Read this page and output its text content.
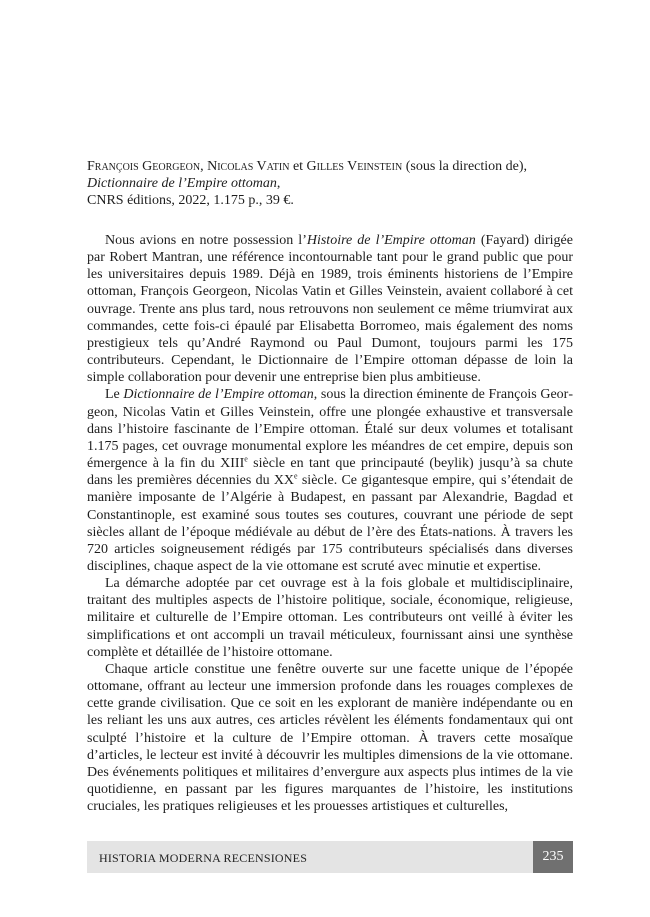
François Georgeon, Nicolas Vatin et Gilles Veinstein (sous la direction de),
Dictionnaire de l’Empire ottoman,
CNRS éditions, 2022, 1.175 p., 39 €.

Nous avions en notre possession l’Histoire de l’Empire ottoman (Fayard) dirigée par Robert Mantran, une référence incontournable tant pour le grand public que pour les universitaires depuis 1989. Déjà en 1989, trois éminents historiens de l’Empire ottoman, François Georgeon, Nicolas Vatin et Gilles Veinstein, avaient collaboré à cet ouvrage. Trente ans plus tard, nous retrouvons non seulement ce même triumvirat aux commandes, cette fois-ci épaulé par Elisabetta Borromeo, mais également des noms prestigieux tels qu’André Raymond ou Paul Dumont, toujours parmi les 175 contributeurs. Cependant, le Dictionnaire de l’Empire ottoman dépasse de loin la simple collaboration pour devenir une entreprise bien plus ambitieuse.

Le Dictionnaire de l’Empire ottoman, sous la direction éminente de François Georgeon, Nicolas Vatin et Gilles Veinstein, offre une plongée exhaustive et transversale dans l’histoire fascinante de l’Empire ottoman. Étalé sur deux volumes et totalisant 1.175 pages, cet ouvrage monumental explore les méandres de cet empire, depuis son émergence à la fin du XIIIe siècle en tant que principauté (beylik) jusqu’à sa chute dans les premières décennies du XXe siècle. Ce gigantesque empire, qui s’étendait de manière imposante de l’Algérie à Budapest, en passant par Alexandrie, Bagdad et Constantinople, est examiné sous toutes ses coutures, couvrant une période de sept siècles allant de l’époque médiévale au début de l’ère des États-nations. À travers les 720 articles soigneusement rédigés par 175 contributeurs spécialisés dans diverses disciplines, chaque aspect de la vie ottomane est scruté avec minutie et expertise.

La démarche adoptée par cet ouvrage est à la fois globale et multidisciplinaire, traitant des multiples aspects de l’histoire politique, sociale, économique, religieuse, militaire et culturelle de l’Empire ottoman. Les contributeurs ont veillé à éviter les simplifications et ont accompli un travail méticuleux, fournissant ainsi une synthèse complète et détaillée de l’histoire ottomane.

Chaque article constitue une fenêtre ouverte sur une facette unique de l’épopée ottomane, offrant au lecteur une immersion profonde dans les rouages complexes de cette grande civilisation. Que ce soit en les explorant de manière indépendante ou en les reliant les uns aux autres, ces articles révèlent les éléments fondamentaux qui ont sculpté l’histoire et la culture de l’Empire ottoman. À travers cette mosaïque d’articles, le lecteur est invité à découvrir les multiples dimensions de la vie ottomane. Des événements politiques et militaires d’envergure aux aspects plus intimes de la vie quotidienne, en passant par les figures marquantes de l’histoire, les institutions cruciales, les pratiques religieuses et les prouesses artistiques et culturelles,

HISTORIA MODERNA RECENSIONES	235
